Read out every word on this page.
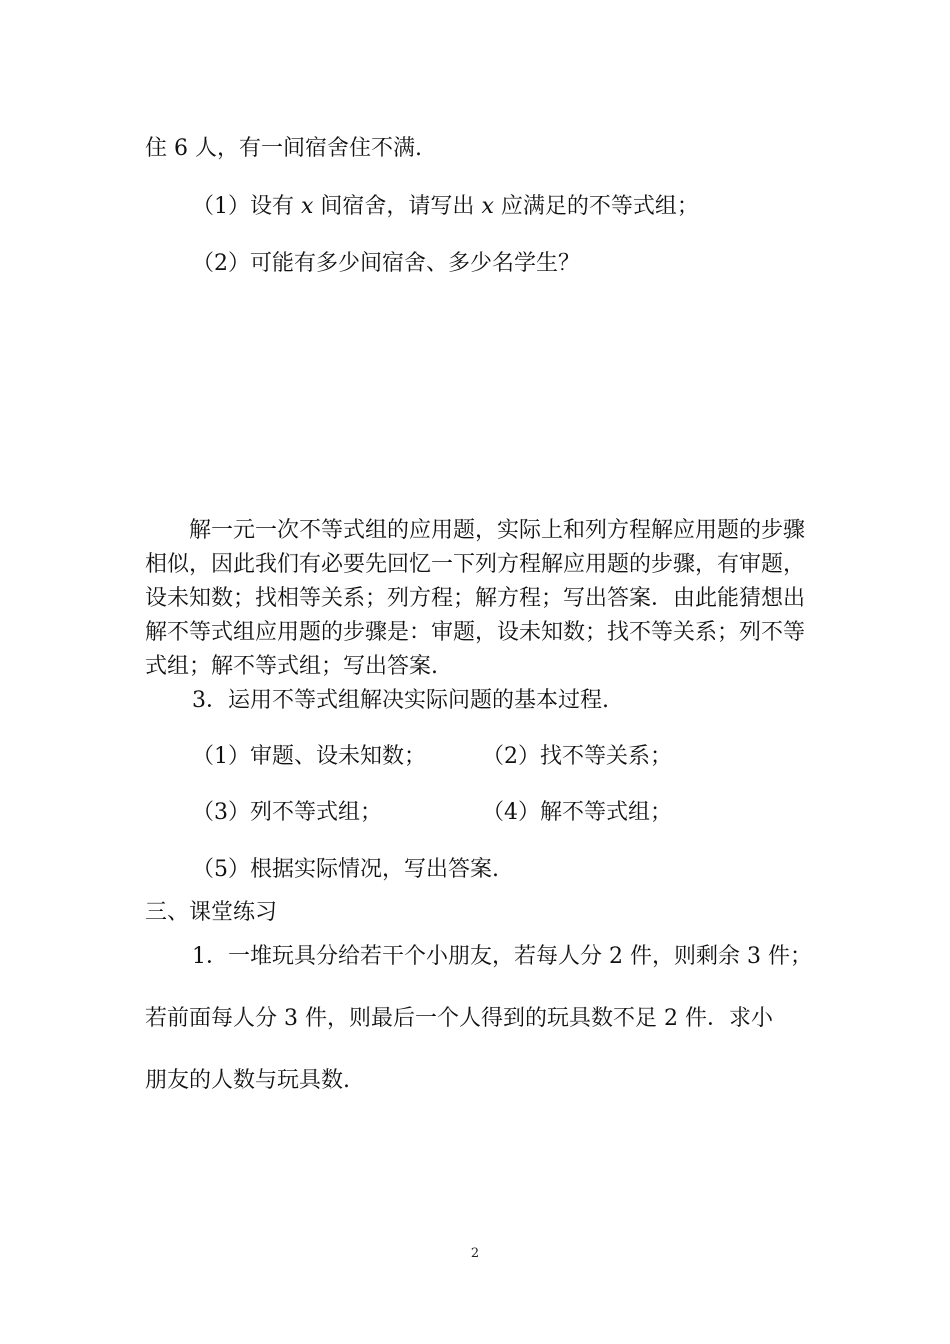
住 6 人，有一间宿舍住不满.
（1）设有 x 间宿舍，请写出 x 应满足的不等式组；
（2）可能有多少间宿舍、多少名学生？
解一元一次不等式组的应用题，实际上和列方程解应用题的步骤相似，因此我们有必要先回忆一下列方程解应用题的步骤，有审题，设未知数；找相等关系；列方程；解方程；写出答案．由此能猜想出解不等式组应用题的步骤是：审题，设未知数；找不等关系；列不等式组；解不等式组；写出答案.
3．运用不等式组解决实际问题的基本过程.
（1）审题、设未知数；	（2）找不等关系；
（3）列不等式组；	（4）解不等式组；
（5）根据实际情况，写出答案.
三、课堂练习
1．一堆玩具分给若干个小朋友，若每人分 2 件，则剩余 3 件；
若前面每人分 3 件，则最后一个人得到的玩具数不足 2 件．求小
朋友的人数与玩具数.
2
